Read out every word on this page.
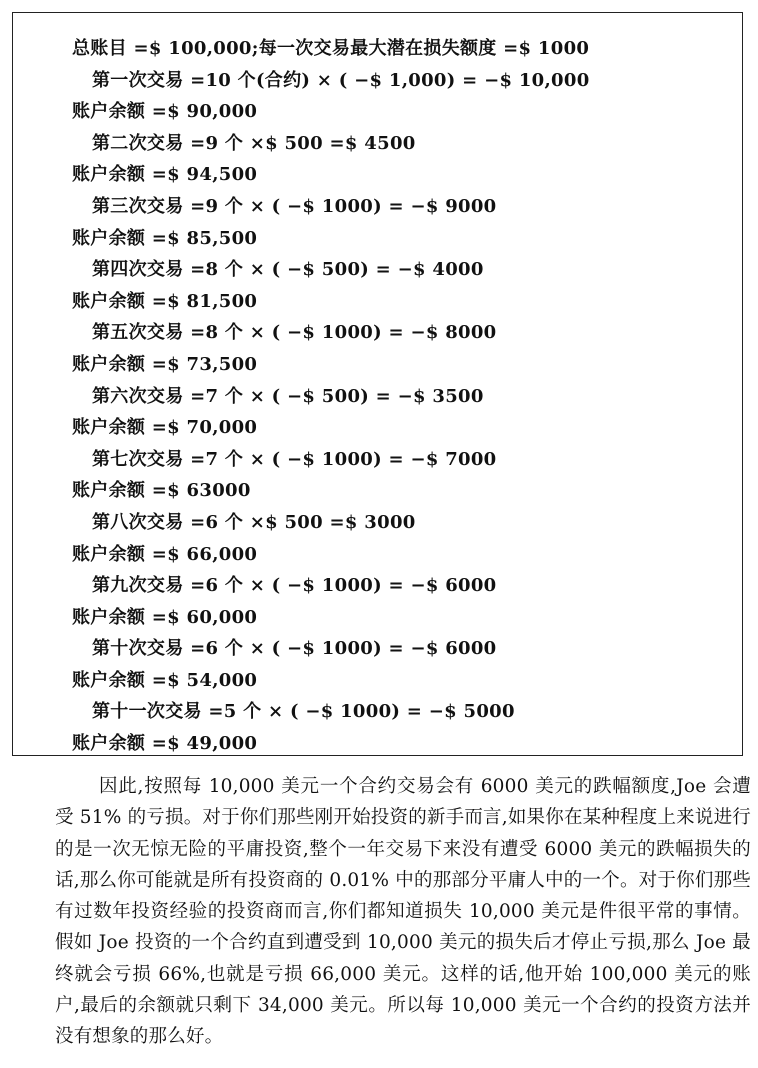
总账目 =$ 100,000;每一次交易最大潜在损失额度 =$ 1000
第一次交易 =10 个(合约) × ( −$ 1,000) = −$ 10,000
账户余额 =$ 90,000
第二次交易 =9 个 ×$ 500 =$ 4500
账户余额 =$ 94,500
第三次交易 =9 个 × ( −$ 1000) = −$ 9000
账户余额 =$ 85,500
第四次交易 =8 个 × ( −$ 500) = −$ 4000
账户余额 =$ 81,500
第五次交易 =8 个 × ( −$ 1000) = −$ 8000
账户余额 =$ 73,500
第六次交易 =7 个 × ( −$ 500) = −$ 3500
账户余额 =$ 70,000
第七次交易 =7 个 × ( −$ 1000) = −$ 7000
账户余额 =$ 63000
第八次交易 =6 个 ×$ 500 =$ 3000
账户余额 =$ 66,000
第九次交易 =6 个 × ( −$ 1000) = −$ 6000
账户余额 =$ 60,000
第十次交易 =6 个 × ( −$ 1000) = −$ 6000
账户余额 =$ 54,000
第十一次交易 =5 个 × ( −$ 1000) = −$ 5000
账户余额 =$ 49,000

因此,按照每 10,000 美元一个合约交易会有 6000 美元的跌幅额度,Joe 会遭受 51% 的亏损。对于你们那些刚开始投资的新手而言,如果你在某种程度上来说进行的是一次无惊无险的平庸投资,整个一年交易下来没有遭受 6000 美元的跌幅损失的话,那么你可能就是所有投资商的 0.01% 中的那部分平庸人中的一个。对于你们那些有过数年投资经验的投资商而言,你们都知道损失 10,000 美元是件很平常的事情。假如 Joe 投资的一个合约直到遭受到 10,000 美元的损失后才停止亏损,那么 Joe 最终就会亏损 66%,也就是亏损 66,000 美元。这样的话,他开始 100,000 美元的账户,最后的余额就只剩下 34,000 美元。所以每 10,000 美元一个合约的投资方法并没有想象的那么好。
